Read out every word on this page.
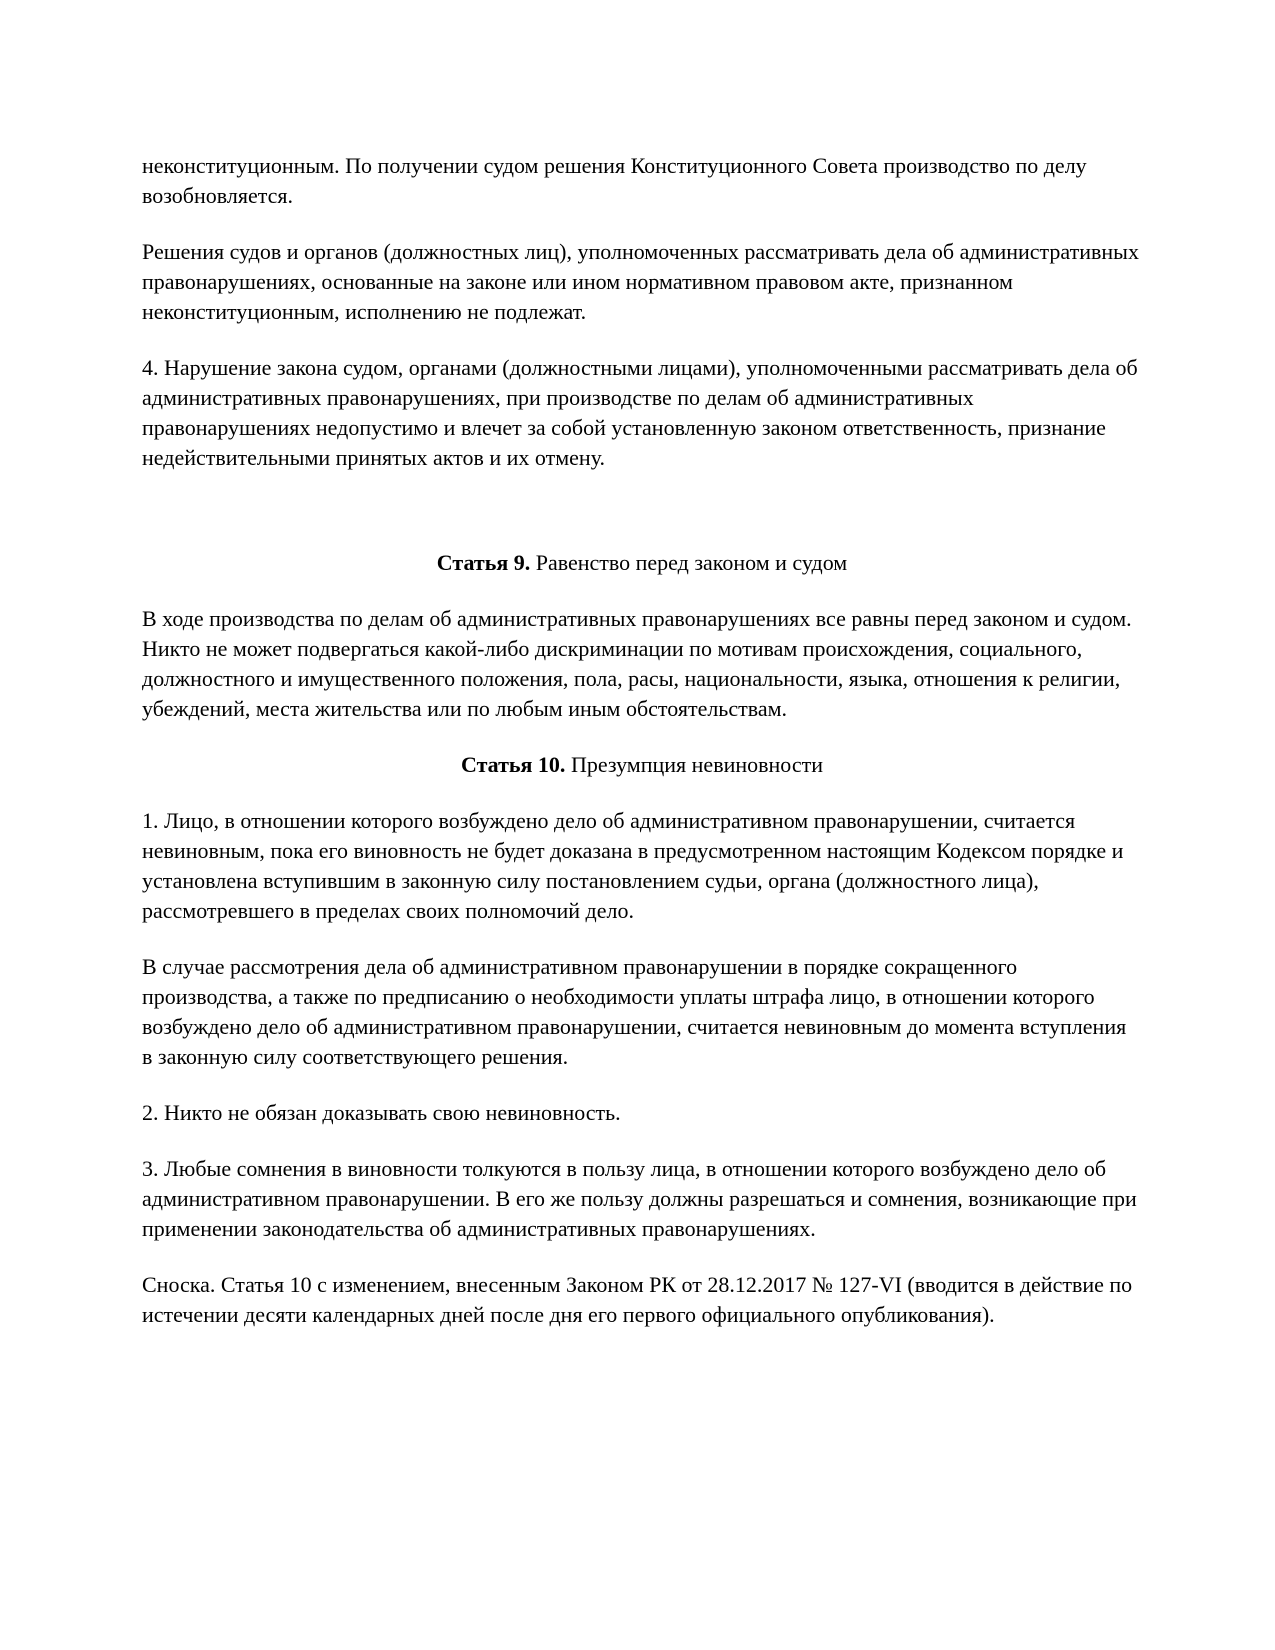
неконституционным. По получении судом решения Конституционного Совета производство по делу возобновляется.

Решения судов и органов (должностных лиц), уполномоченных рассматривать дела об административных правонарушениях, основанные на законе или ином нормативном правовом акте, признанном неконституционным, исполнению не подлежат.

4. Нарушение закона судом, органами (должностными лицами), уполномоченными рассматривать дела об административных правонарушениях, при производстве по делам об административных правонарушениях недопустимо и влечет за собой установленную законом ответственность, признание недействительными принятых актов и их отмену.

Статья 9. Равенство перед законом и судом

В ходе производства по делам об административных правонарушениях все равны перед законом и судом. Никто не может подвергаться какой-либо дискриминации по мотивам происхождения, социального, должностного и имущественного положения, пола, расы, национальности, языка, отношения к религии, убеждений, места жительства или по любым иным обстоятельствам.

Статья 10. Презумпция невиновности

1. Лицо, в отношении которого возбуждено дело об административном правонарушении, считается невиновным, пока его виновность не будет доказана в предусмотренном настоящим Кодексом порядке и установлена вступившим в законную силу постановлением судьи, органа (должностного лица), рассмотревшего в пределах своих полномочий дело.

В случае рассмотрения дела об административном правонарушении в порядке сокращенного производства, а также по предписанию о необходимости уплаты штрафа лицо, в отношении которого возбуждено дело об административном правонарушении, считается невиновным до момента вступления в законную силу соответствующего решения.

2. Никто не обязан доказывать свою невиновность.

3. Любые сомнения в виновности толкуются в пользу лица, в отношении которого возбуждено дело об административном правонарушении. В его же пользу должны разрешаться и сомнения, возникающие при применении законодательства об административных правонарушениях.

Сноска. Статья 10 с изменением, внесенным Законом РК от 28.12.2017 № 127-VI (вводится в действие по истечении десяти календарных дней после дня его первого официального опубликования).
